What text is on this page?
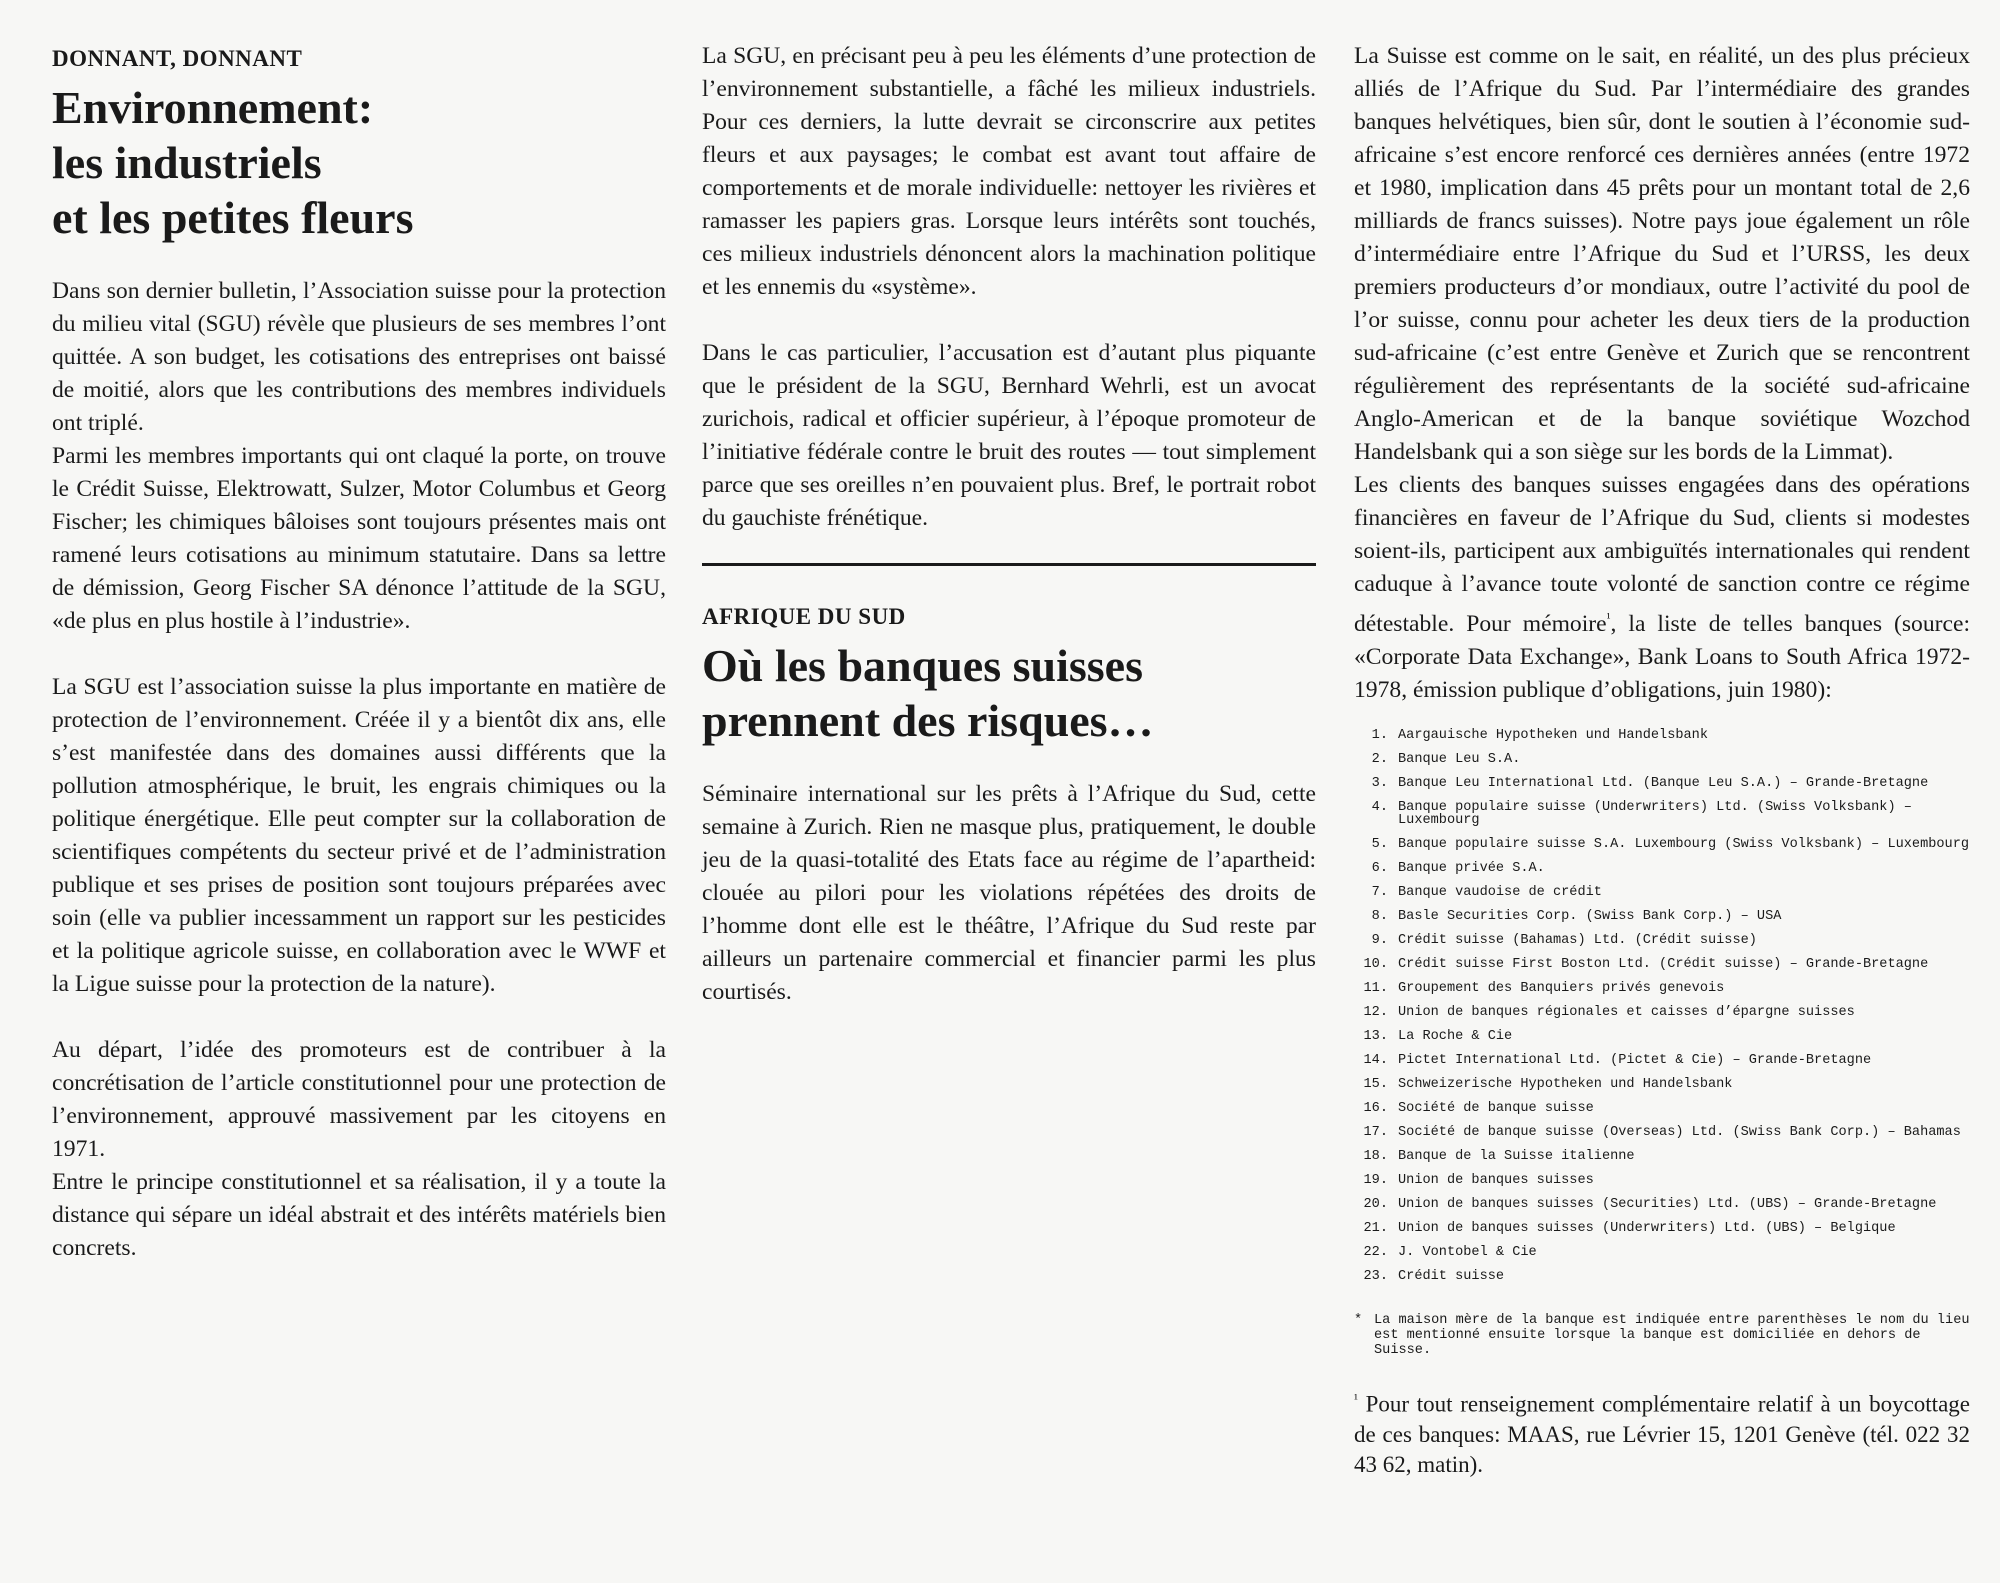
DONNANT, DONNANT
Environnement:
les industriels
et les petites fleurs

Dans son dernier bulletin, l’Association suisse pour la protection du milieu vital (SGU) révèle que plusieurs de ses membres l’ont quittée. A son budget, les cotisations des entreprises ont baissé de moitié, alors que les contributions des membres individuels ont triplé.

Parmi les membres importants qui ont claqué la porte, on trouve le Crédit Suisse, Elektrowatt, Sulzer, Motor Columbus et Georg Fischer; les chimiques bâloises sont toujours présentes mais ont ramené leurs cotisations au minimum statutaire. Dans sa lettre de démission, Georg Fischer SA dénonce l’attitude de la SGU, «de plus en plus hostile à l’industrie».

La SGU est l’association suisse la plus importante en matière de protection de l’environnement. Créée il y a bientôt dix ans, elle s’est manifestée dans des domaines aussi différents que la pollution atmosphérique, le bruit, les engrais chimiques ou la politique énergétique. Elle peut compter sur la collaboration de scientifiques compétents du secteur privé et de l’administration publique et ses prises de position sont toujours préparées avec soin (elle va publier incessamment un rapport sur les pesticides et la politique agricole suisse, en collaboration avec le WWF et la Ligue suisse pour la protection de la nature).

Au départ, l’idée des promoteurs est de contribuer à la concrétisation de l’article constitutionnel pour une protection de l’environnement, approuvé massivement par les citoyens en 1971.

Entre le principe constitutionnel et sa réalisation, il y a toute la distance qui sépare un idéal abstrait et des intérêts matériels bien concrets.

La SGU, en précisant peu à peu les éléments d’une protection de l’environnement substantielle, a fâché les milieux industriels. Pour ces derniers, la lutte devrait se circonscrire aux petites fleurs et aux paysages; le combat est avant tout affaire de comportements et de morale individuelle: nettoyer les rivières et ramasser les papiers gras. Lorsque leurs intérêts sont touchés, ces milieux industriels dénoncent alors la machination politique et les ennemis du «système».

Dans le cas particulier, l’accusation est d’autant plus piquante que le président de la SGU, Bernhard Wehrli, est un avocat zurichois, radical et officier supérieur, à l’époque promoteur de l’initiative fédérale contre le bruit des routes — tout simplement parce que ses oreilles n’en pouvaient plus. Bref, le portrait robot du gauchiste frénétique.

AFRIQUE DU SUD
Où les banques suisses
prennent des risques…

Séminaire international sur les prêts à l’Afrique du Sud, cette semaine à Zurich. Rien ne masque plus, pratiquement, le double jeu de la quasi-totalité des Etats face au régime de l’apartheid: clouée au pilori pour les violations répétées des droits de l’homme dont elle est le théâtre, l’Afrique du Sud reste par ailleurs un partenaire commercial et financier parmi les plus courtisés.

La Suisse est comme on le sait, en réalité, un des plus précieux alliés de l’Afrique du Sud. Par l’intermédiaire des grandes banques helvétiques, bien sûr, dont le soutien à l’économie sud-africaine s’est encore renforcé ces dernières années (entre 1972 et 1980, implication dans 45 prêts pour un montant total de 2,6 milliards de francs suisses). Notre pays joue également un rôle d’intermédiaire entre l’Afrique du Sud et l’URSS, les deux premiers producteurs d’or mondiaux, outre l’activité du pool de l’or suisse, connu pour acheter les deux tiers de la production sud-africaine (c’est entre Genève et Zurich que se rencontrent régulièrement des représentants de la société sud-africaine Anglo-American et de la banque soviétique Wozchod Handelsbank qui a son siège sur les bords de la Limmat).

Les clients des banques suisses engagées dans des opérations financières en faveur de l’Afrique du Sud, clients si modestes soient-ils, participent aux ambiguïtés internationales qui rendent caduque à l’avance toute volonté de sanction contre ce régime détestable. Pour mémoire$^{^1}$, la liste de telles banques (source: «Corporate Data Exchange», Bank Loans to South Africa 1972-1978, émission publique d’obligations, juin 1980):

1. Aargauische Hypotheken und Handelsbank
2. Banque Leu S.A.
3. Banque Leu International Ltd. (Banque Leu S.A.) – Grande-Bretagne
4. Banque populaire suisse (Underwriters) Ltd. (Swiss Volksbank) – Luxembourg
5. Banque populaire suisse S.A. Luxembourg (Swiss Volksbank) – Luxembourg
6. Banque privée S.A.
7. Banque vaudoise de crédit
8. Basle Securities Corp. (Swiss Bank Corp.) – USA
9. Crédit suisse (Bahamas) Ltd. (Crédit suisse)
10. Crédit suisse First Boston Ltd. (Crédit suisse) – Grande-Bretagne
11. Groupement des Banquiers privés genevois
12. Union de banques régionales et caisses d’épargne suisses
13. La Roche & Cie
14. Pictet International Ltd. (Pictet & Cie) – Grande-Bretagne
15. Schweizerische Hypotheken und Handelsbank
16. Société de banque suisse
17. Société de banque suisse (Overseas) Ltd. (Swiss Bank Corp.) – Bahamas
18. Banque de la Suisse italienne
19. Union de banques suisses
20. Union de banques suisses (Securities) Ltd. (UBS) – Grande-Bretagne
21. Union de banques suisses (Underwriters) Ltd. (UBS) – Belgique
22. J. Vontobel & Cie
23. Crédit suisse
* La maison mère de la banque est indiquée entre parenthèses le nom du lieu est mentionné ensuite lorsque la banque est domiciliée en dehors de Suisse.

$^{^1}$ Pour tout renseignement complémentaire relatif à un boycottage de ces banques: MAAS, rue Lévrier 15, 1201 Genève (tél. 022 32 43 62, matin).
